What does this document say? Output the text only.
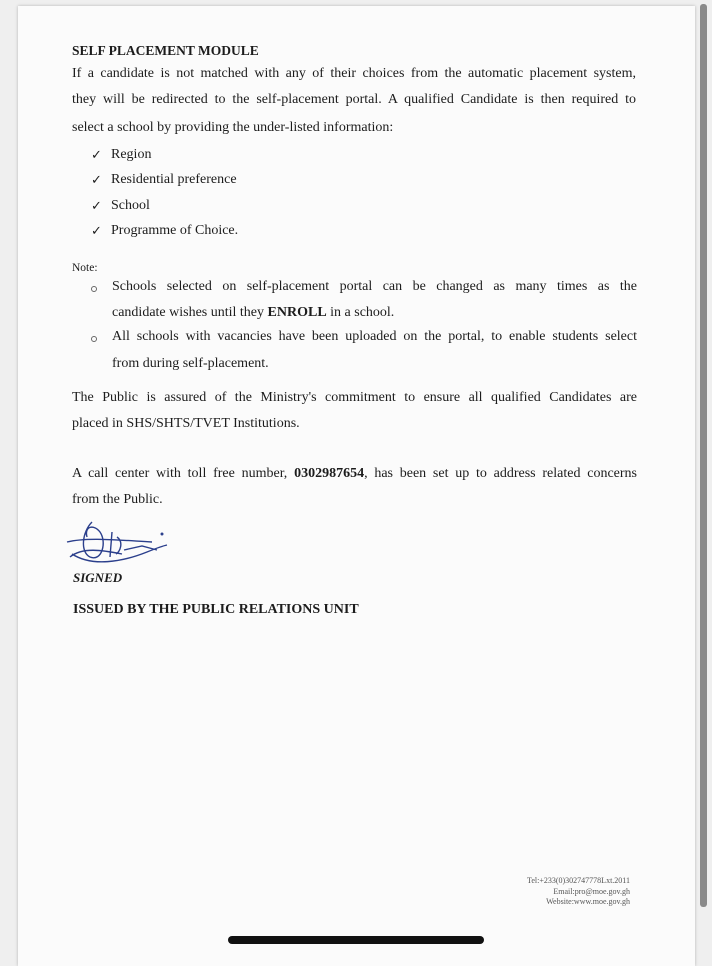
SELF PLACEMENT MODULE
If a candidate is not matched with any of their choices from the automatic placement system,
they will be redirected to the self-placement portal. A qualified Candidate is then required to
select a school by providing the under-listed information:
✓ Region
✓ Residential preference
✓ School
✓ Programme of Choice.
Note:
Schools selected on self-placement portal can be changed as many times as the
candidate wishes until they ENROLL in a school.
All schools with vacancies have been uploaded on the portal, to enable students select
from during self-placement.
The Public is assured of the Ministry's commitment to ensure all qualified Candidates are
placed in SHS/SHTS/TVET Institutions.
A call center with toll free number, 0302987654, has been set up to address related concerns
from the Public.
SIGNED
ISSUED BY THE PUBLIC RELATIONS UNIT
Tel:+233(0)302747778Lxt.2011
Email:pro@moe.gov.gh
Website:www.moe.gov.gh
